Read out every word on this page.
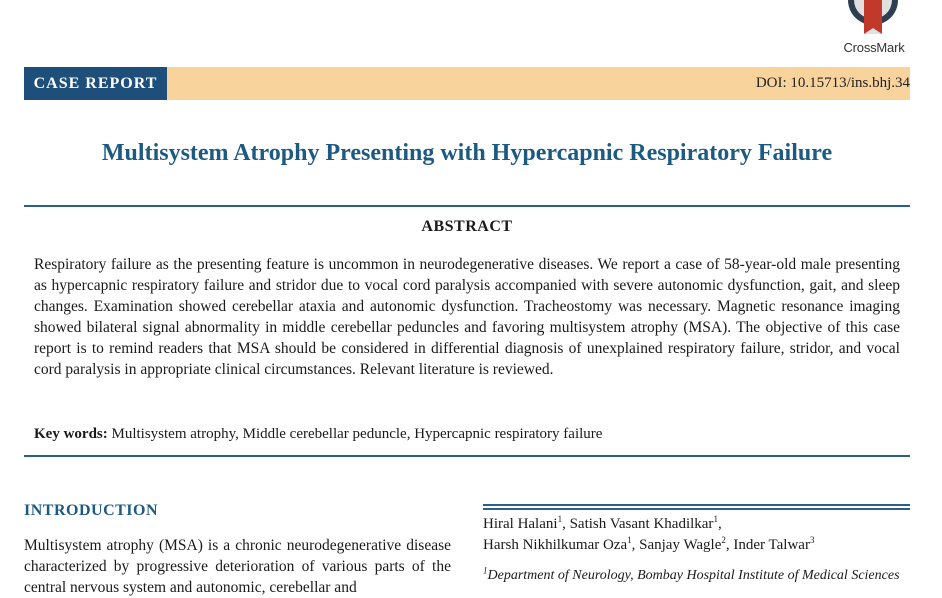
CrossMark
CASE REPORT	DOI: 10.15713/ins.bhj.34
Multisystem Atrophy Presenting with Hypercapnic Respiratory Failure
ABSTRACT
Respiratory failure as the presenting feature is uncommon in neurodegenerative diseases. We report a case of 58-year-old male presenting as hypercapnic respiratory failure and stridor due to vocal cord paralysis accompanied with severe autonomic dysfunction, gait, and sleep changes. Examination showed cerebellar ataxia and autonomic dysfunction. Tracheostomy was necessary. Magnetic resonance imaging showed bilateral signal abnormality in middle cerebellar peduncles and favoring multisystem atrophy (MSA). The objective of this case report is to remind readers that MSA should be considered in differential diagnosis of unexplained respiratory failure, stridor, and vocal cord paralysis in appropriate clinical circumstances. Relevant literature is reviewed.
Key words: Multisystem atrophy, Middle cerebellar peduncle, Hypercapnic respiratory failure
INTRODUCTION
Multisystem atrophy (MSA) is a chronic neurodegenerative disease characterized by progressive deterioration of various parts of the central nervous system and autonomic, cerebellar and
Hiral Halani$^1$, Satish Vasant Khadilkar$^1$,
Harsh Nikhilkumar Oza$^1$, Sanjay Wagle$^2$, Inder Talwar$^3$
$^1$Department of Neurology, Bombay Hospital Institute of Medical Sciences
